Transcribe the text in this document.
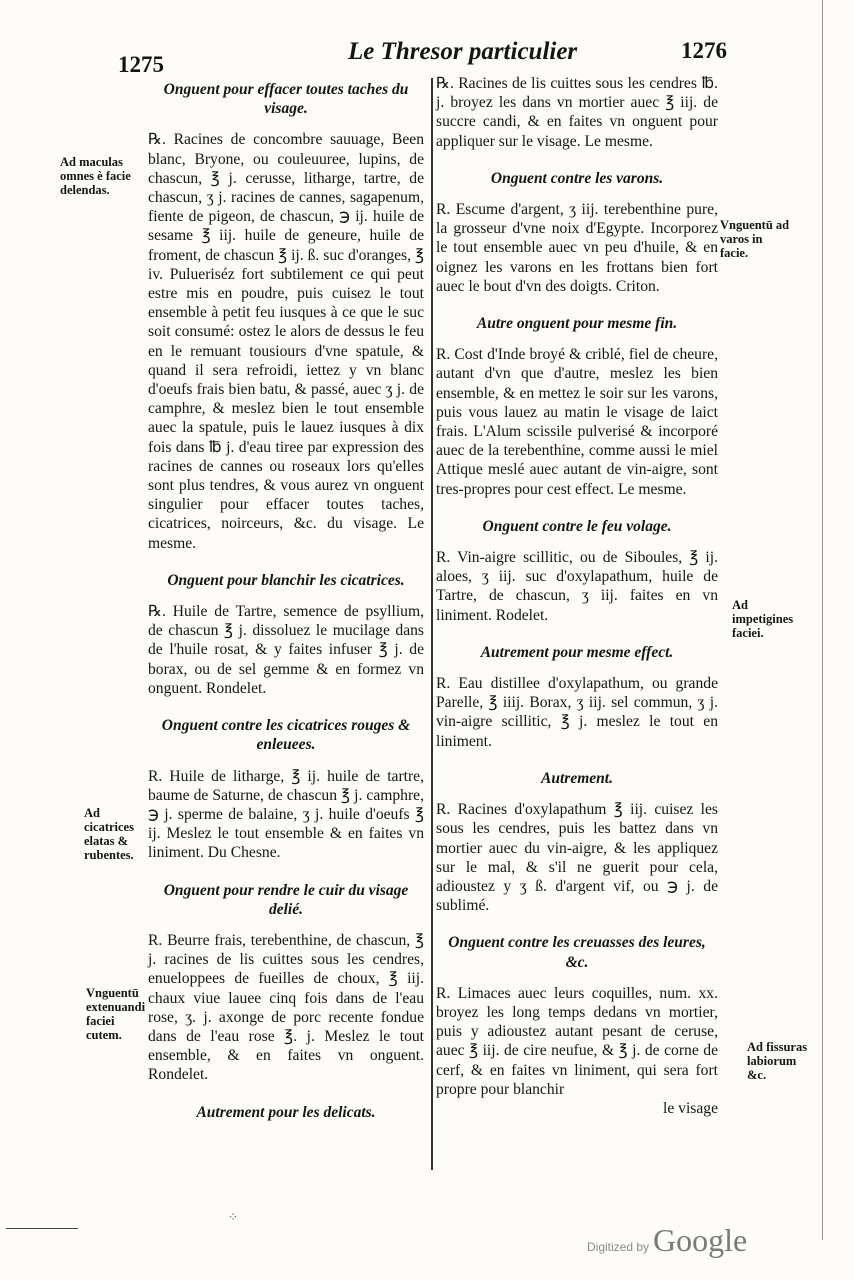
1275	Le Thresor particulier	1276

Onguent pour effacer toutes taches du visage.

℞. Racines de concombre sauuage, Been blanc, Bryone, ou couleuuree, lupins, de chascun, ℥ j. cerusse, litharge, tartre, de chascun, ʒ j. racines de cannes, sagapenum, fiente de pigeon, de chascun, ℈ ij. huile de sesame ℥ iij. huile de geneure, huile de froment, de chascun ℥ ij. ß. suc d'oranges, ℥ iv. Pulueriséz fort subtilement ce qui peut estre mis en poudre, puis cuisez le tout ensemble à petit feu iusques à ce que le suc soit consumé: ostez le alors de dessus le feu en le remuant tousiours d'vne spatule, & quand il sera refroidi, iettez y vn blanc d'oeufs frais bien batu, & passé, auec ʒ j. de camphre, & meslez bien le tout ensemble auec la spatule, puis le lauez iusques à dix fois dans ℔ j. d'eau tiree par expression des racines de cannes ou roseaux lors qu'elles sont plus tendres, & vous aurez vn onguent singulier pour effacer toutes taches, cicatrices, noirceurs, &c. du visage. Le mesme.

Onguent pour blanchir les cicatrices.

℞. Huile de Tartre, semence de psyllium, de chascun ℥ j. dissoluez le mucilage dans de l'huile rosat, & y faites infuser ℥ j. de borax, ou de sel gemme & en formez vn onguent. Rondelet.

Onguent contre les cicatrices rouges & enleuees.

R. Huile de litharge, ℥ ij. huile de tartre, baume de Saturne, de chascun ℥ j. camphre, ℈ j. sperme de balaine, ʒ j. huile d'oeufs ℥ ij. Meslez le tout ensemble & en faites vn liniment. Du Chesne.

Onguent pour rendre le cuir du visage delié.

R. Beurre frais, terebenthine, de chascun, ℥ j. racines de lis cuittes sous les cendres, enueloppees de fueilles de choux, ℥ iij. chaux viue lauee cinq fois dans de l'eau rose, ʒ. j. axonge de porc recente fondue dans de l'eau rose ℥. j. Meslez le tout ensemble, & en faites vn onguent. Rondelet.

Autrement pour les delicats.

℞. Racines de lis cuittes sous les cendres ℔. j. broyez les dans vn mortier auec ℥ iij. de succre candi, & en faites vn onguent pour appliquer sur le visage. Le mesme.

Onguent contre les varons.

R. Escume d'argent, ʒ iij. terebenthine pure, la grosseur d'vne noix d'Egypte. Incorporez le tout ensemble auec vn peu d'huile, & en oignez les varons en les frottans bien fort auec le bout d'vn des doigts. Criton.

Autre onguent pour mesme fin.

R. Cost d'Inde broyé & criblé, fiel de cheure, autant d'vn que d'autre, meslez les bien ensemble, & en mettez le soir sur les varons, puis vous lauez au matin le visage de laict frais. L'Alum scissile pulverisé & incorporé auec de la terebenthine, comme aussi le miel Attique meslé auec autant de vin-aigre, sont tres-propres pour cest effect. Le mesme.

Onguent contre le feu volage.

R. Vin-aigre scillitic, ou de Siboules, ℥ ij. aloes, ʒ iij. suc d'oxylapathum, huile de Tartre, de chascun, ʒ iij. faites en vn liniment. Rodelet.

Autrement pour mesme effect.

R. Eau distillee d'oxylapathum, ou grande Parelle, ℥ iiij. Borax, ʒ iij. sel commun, ʒ j. vin-aigre scillitic, ℥ j. meslez le tout en liniment.

Autrement.

R. Racines d'oxylapathum ℥ iij. cuisez les sous les cendres, puis les battez dans vn mortier auec du vin-aigre, & les appliquez sur le mal, & s'il ne guerit pour cela, adioustez y ʒ ß. d'argent vif, ou ℈ j. de sublimé.

Onguent contre les creuasses des leures, &c.

R. Limaces auec leurs coquilles, num. xx. broyez les long temps dedans vn mortier, puis y adioustez autant pesant de ceruse, auec ℥ iij. de cire neufue, & ℥ j. de corne de cerf, & en faites vn liniment, qui sera fort propre pour blanchir

le visage

Ad maculas omnes è facie delendas.
Ad cicatrices elatas & rubentes.
Vnguentū extenuandi faciei cutem.
Vnguentū ad varos in facie.
Ad impetigines faciei.
Ad fissuras labiorum &c.
⁘
Digitized by Google
